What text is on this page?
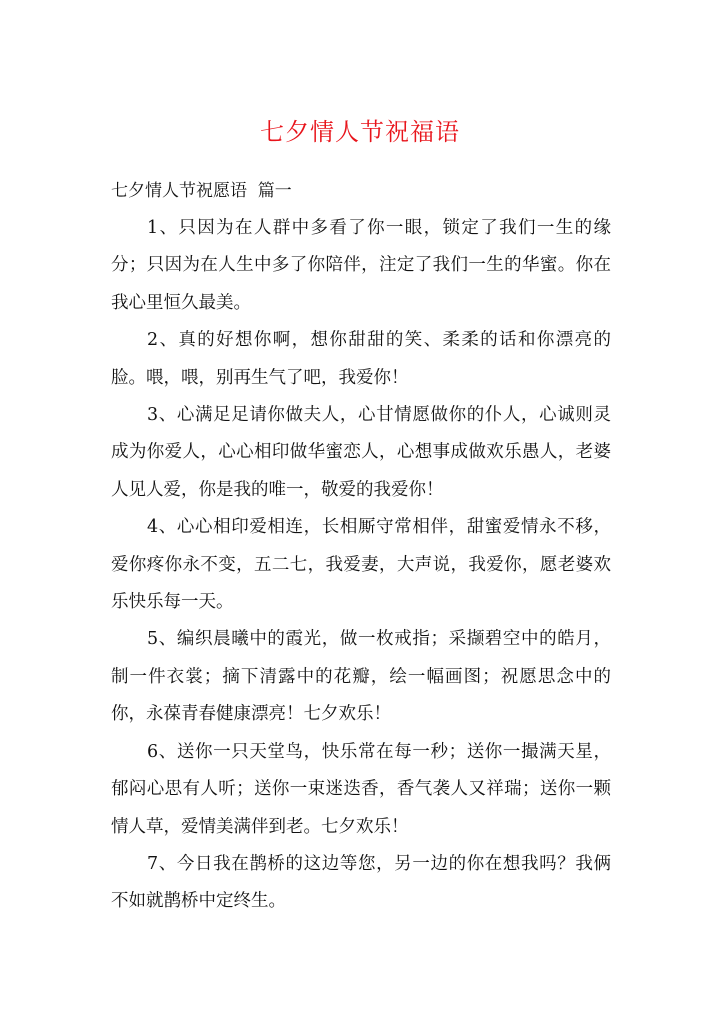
七夕情人节祝福语
七夕情人节祝愿语  篇一

1、只因为在人群中多看了你一眼，锁定了我们一生的缘分；只因为在人生中多了你陪伴，注定了我们一生的华蜜。你在我心里恒久最美。

2、真的好想你啊，想你甜甜的笑、柔柔的话和你漂亮的脸。喂，喂，别再生气了吧，我爱你！

3、心满足足请你做夫人，心甘情愿做你的仆人，心诚则灵成为你爱人，心心相印做华蜜恋人，心想事成做欢乐愚人，老婆人见人爱，你是我的唯一，敬爱的我爱你！

4、心心相印爱相连，长相厮守常相伴，甜蜜爱情永不移，爱你疼你永不变，五二七，我爱妻，大声说，我爱你，愿老婆欢乐快乐每一天。

5、编织晨曦中的霞光，做一枚戒指；采撷碧空中的皓月，制一件衣裳；摘下清露中的花瓣，绘一幅画图；祝愿思念中的你，永葆青春健康漂亮！七夕欢乐！

6、送你一只天堂鸟，快乐常在每一秒；送你一撮满天星，郁闷心思有人听；送你一束迷迭香，香气袭人又祥瑞；送你一颗情人草，爱情美满伴到老。七夕欢乐！

7、今日我在鹊桥的这边等您，另一边的你在想我吗？我俩不如就鹊桥中定终生。
